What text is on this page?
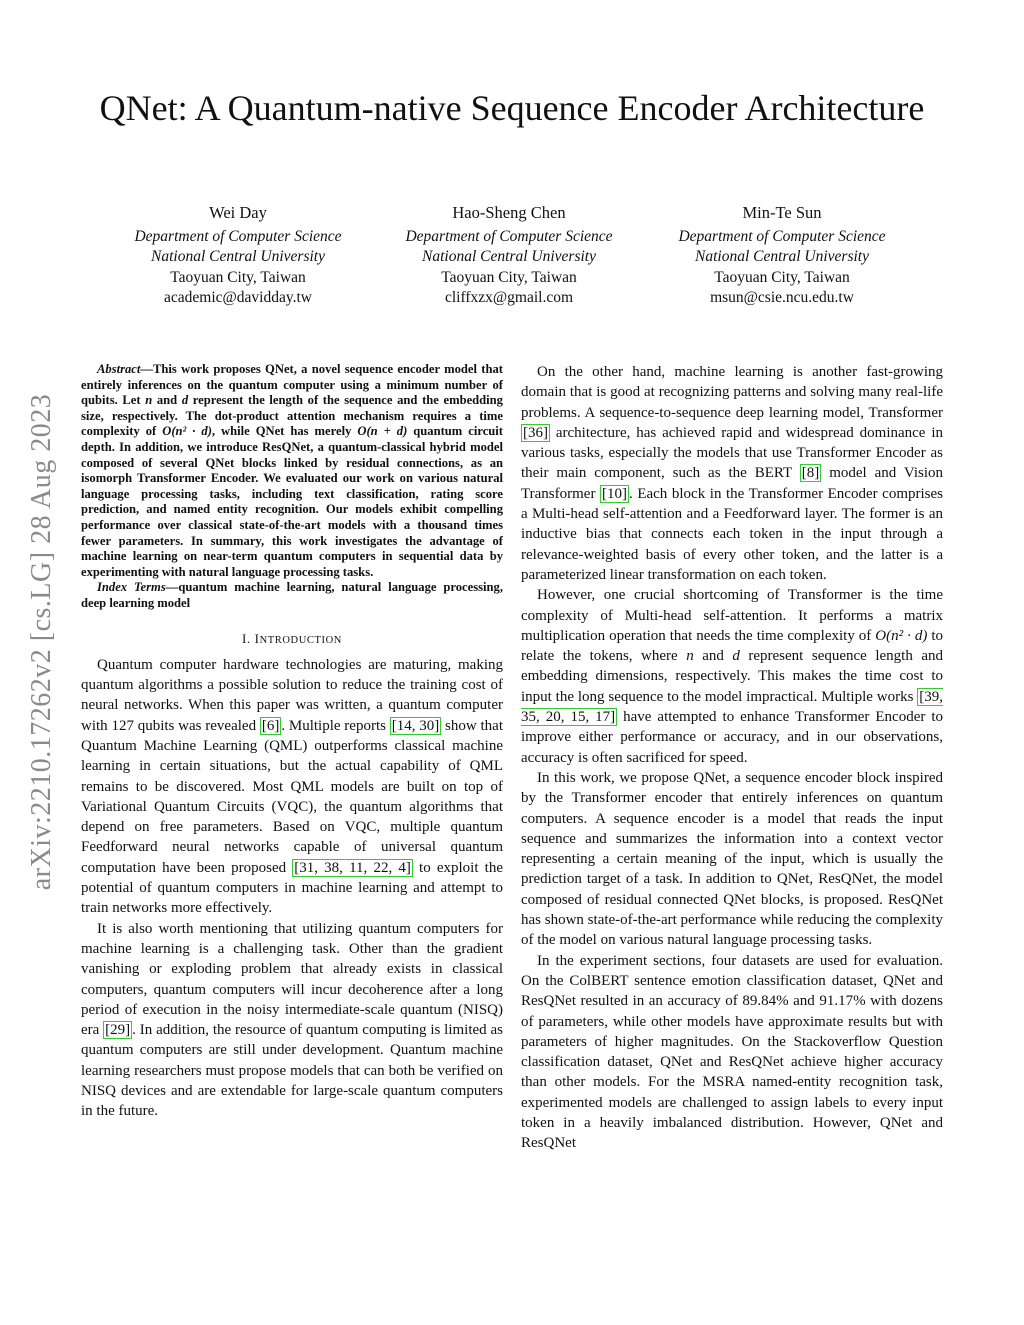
arXiv:2210.17262v2 [cs.LG] 28 Aug 2023
QNet: A Quantum-native Sequence Encoder Architecture
Wei Day
Department of Computer Science
National Central University
Taoyuan City, Taiwan
academic@davidday.tw
Hao-Sheng Chen
Department of Computer Science
National Central University
Taoyuan City, Taiwan
cliffxzx@gmail.com
Min-Te Sun
Department of Computer Science
National Central University
Taoyuan City, Taiwan
msun@csie.ncu.edu.tw

Abstract—This work proposes QNet, a novel sequence encoder model that entirely inferences on the quantum computer using a minimum number of qubits. Let n and d represent the length of the sequence and the embedding size, respectively. The dot-product attention mechanism requires a time complexity of O(n² · d), while QNet has merely O(n + d) quantum circuit depth. In addition, we introduce ResQNet, a quantum-classical hybrid model composed of several QNet blocks linked by residual connections, as an isomorph Transformer Encoder. We evaluated our work on various natural language processing tasks, including text classification, rating score prediction, and named entity recognition. Our models exhibit compelling performance over classical state-of-the-art models with a thousand times fewer parameters. In summary, this work investigates the advantage of machine learning on near-term quantum computers in sequential data by experimenting with natural language processing tasks.

Index Terms—quantum machine learning, natural language processing, deep learning model

I. INTRODUCTION

Quantum computer hardware technologies are maturing, making quantum algorithms a possible solution to reduce the training cost of neural networks. When this paper was written, a quantum computer with 127 qubits was revealed [6] . Multiple reports [14, 30] show that Quantum Machine Learning (QML) outperforms classical machine learning in certain situations, but the actual capability of QML remains to be discovered. Most QML models are built on top of Variational Quantum Circuits (VQC), the quantum algorithms that depend on free parameters. Based on VQC, multiple quantum Feedforward neural networks capable of universal quantum computation have been proposed [31, 38, 11, 22, 4] to exploit the potential of quantum computers in machine learning and attempt to train networks more effectively.

It is also worth mentioning that utilizing quantum computers for machine learning is a challenging task. Other than the gradient vanishing or exploding problem that already exists in classical computers, quantum computers will incur decoherence after a long period of execution in the noisy intermediate-scale quantum (NISQ) era [29] . In addition, the resource of quantum computing is limited as quantum computers are still under development. Quantum machine learning researchers must propose models that can both be verified on NISQ devices and are extendable for large-scale quantum computers in the future.

On the other hand, machine learning is another fast-growing domain that is good at recognizing patterns and solving many real-life problems. A sequence-to-sequence deep learning model, Transformer [36] architecture, has achieved rapid and widespread dominance in various tasks, especially the models that use Transformer Encoder as their main component, such as the BERT [8] model and Vision Transformer [10] . Each block in the Transformer Encoder comprises a Multi-head self-attention and a Feedforward layer. The former is an inductive bias that connects each token in the input through a relevance-weighted basis of every other token, and the latter is a parameterized linear transformation on each token.

However, one crucial shortcoming of Transformer is the time complexity of Multi-head self-attention. It performs a matrix multiplication operation that needs the time complexity of O(n² · d) to relate the tokens, where n and d represent sequence length and embedding dimensions, respectively. This makes the time cost to input the long sequence to the model impractical. Multiple works [39, 35, 20, 15, 17] have attempted to enhance Transformer Encoder to improve either performance or accuracy, and in our observations, accuracy is often sacrificed for speed.

In this work, we propose QNet, a sequence encoder block inspired by the Transformer encoder that entirely inferences on quantum computers. A sequence encoder is a model that reads the input sequence and summarizes the information into a context vector representing a certain meaning of the input, which is usually the prediction target of a task. In addition to QNet, ResQNet, the model composed of residual connected QNet blocks, is proposed. ResQNet has shown state-of-the-art performance while reducing the complexity of the model on various natural language processing tasks.

In the experiment sections, four datasets are used for evaluation. On the ColBERT sentence emotion classification dataset, QNet and ResQNet resulted in an accuracy of 89.84% and 91.17% with dozens of parameters, while other models have approximate results but with parameters of higher magnitudes. On the Stackoverflow Question classification dataset, QNet and ResQNet achieve higher accuracy than other models. For the MSRA named-entity recognition task, experimented models are challenged to assign labels to every input token in a heavily imbalanced distribution. However, QNet and ResQNet
